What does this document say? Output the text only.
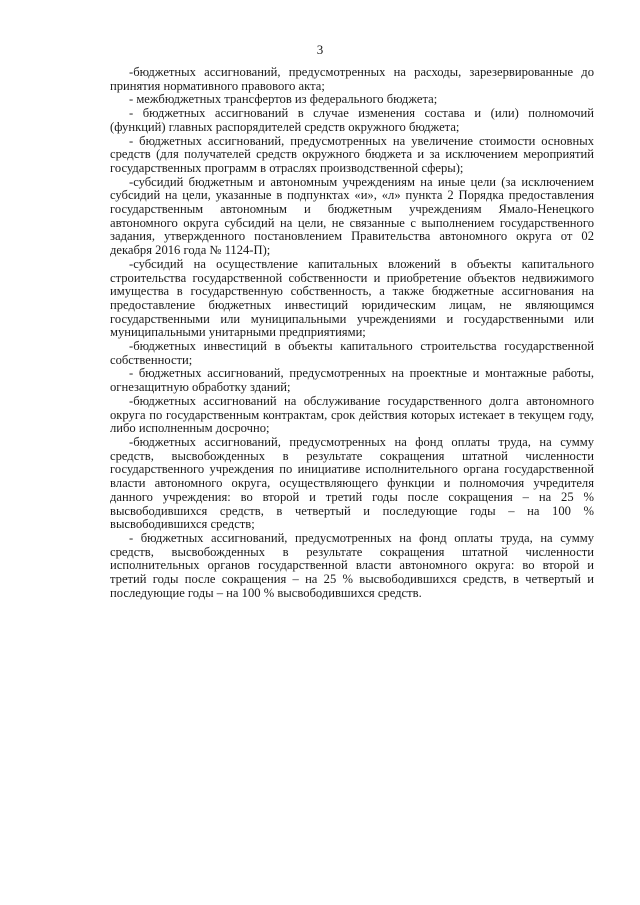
3

-бюджетных ассигнований, предусмотренных на расходы, зарезервированные до принятия нормативного правового акта;

- межбюджетных трансфертов из федерального бюджета;

- бюджетных ассигнований в случае изменения состава и (или) полномочий (функций) главных распорядителей средств окружного бюджета;

- бюджетных ассигнований, предусмотренных на увеличение стоимости основных средств (для получателей средств окружного бюджета и за исключением мероприятий государственных программ в отраслях производственной сферы);

-субсидий бюджетным и автономным учреждениям на иные цели (за исключением субсидий на цели, указанные в подпунктах «и», «л» пункта 2 Порядка предоставления государственным автономным и бюджетным учреждениям Ямало-Ненецкого автономного округа субсидий на цели, не связанные с выполнением государственного задания, утвержденного постановлением Правительства автономного округа от 02 декабря 2016 года № 1124-П);

-субсидий на осуществление капитальных вложений в объекты капитального строительства государственной собственности и приобретение объектов недвижимого имущества в государственную собственность, а также бюджетные ассигнования на предоставление бюджетных инвестиций юридическим лицам, не являющимся государственными или муниципальными учреждениями и государственными или муниципальными унитарными предприятиями;

-бюджетных инвестиций в объекты капитального строительства государственной собственности;

- бюджетных ассигнований, предусмотренных на проектные и монтажные работы, огнезащитную обработку зданий;

-бюджетных ассигнований на обслуживание государственного долга автономного округа по государственным контрактам, срок действия которых истекает в текущем году, либо исполненным досрочно;

-бюджетных ассигнований, предусмотренных на фонд оплаты труда, на сумму средств, высвобожденных в результате сокращения штатной численности государственного учреждения по инициативе исполнительного органа государственной власти автономного округа, осуществляющего функции и полномочия учредителя данного учреждения: во второй и третий годы после сокращения – на 25 % высвободившихся средств, в четвертый и последующие годы – на 100 % высвободившихся средств;

- бюджетных ассигнований, предусмотренных на фонд оплаты труда, на сумму средств, высвобожденных в результате сокращения штатной численности исполнительных органов государственной власти автономного округа: во второй и третий годы после сокращения – на 25 % высвободившихся средств, в четвертый и последующие годы – на 100 % высвободившихся средств.
